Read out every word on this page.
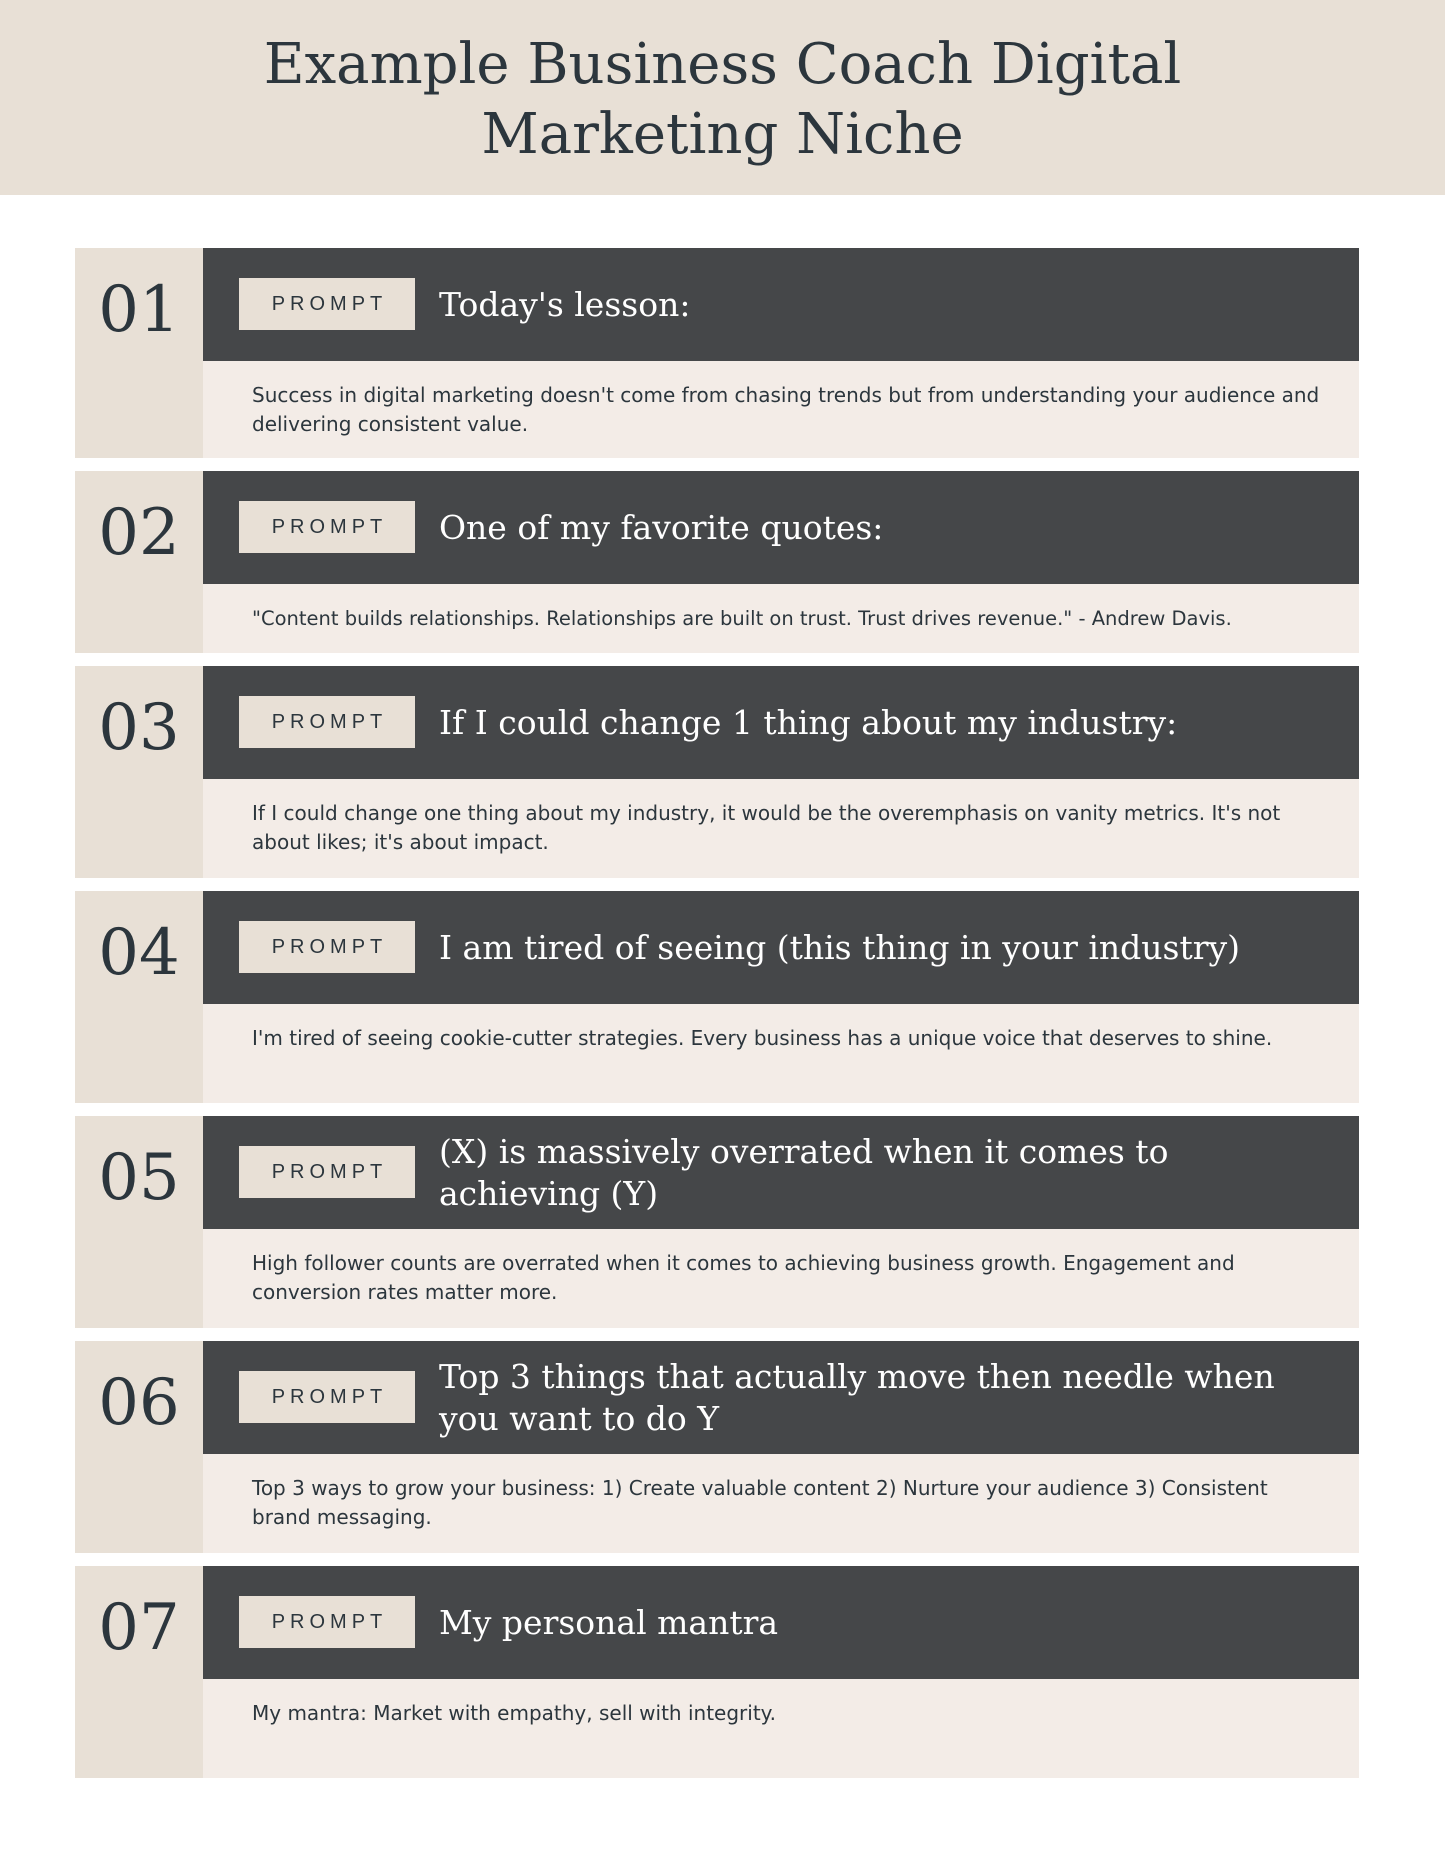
Example Business Coach Digital Marketing Niche
01	PROMPT	Today's lesson:
Success in digital marketing doesn't come from chasing trends but from understanding your audience and delivering consistent value.
02	PROMPT	One of my favorite quotes:
"Content builds relationships. Relationships are built on trust. Trust drives revenue." - Andrew Davis.
03	PROMPT	If I could change 1 thing about my industry:
If I could change one thing about my industry, it would be the overemphasis on vanity metrics. It's not about likes; it's about impact.
04	PROMPT	I am tired of seeing (this thing in your industry)
I'm tired of seeing cookie-cutter strategies. Every business has a unique voice that deserves to shine.
05	PROMPT
(X) is massively overrated when it comes to achieving (Y)
High follower counts are overrated when it comes to achieving business growth. Engagement and conversion rates matter more.
06	PROMPT
Top 3 things that actually move then needle when you want to do Y
Top 3 ways to grow your business: 1) Create valuable content 2) Nurture your audience 3) Consistent brand messaging.
07	PROMPT	My personal mantra
My mantra: Market with empathy, sell with integrity.
